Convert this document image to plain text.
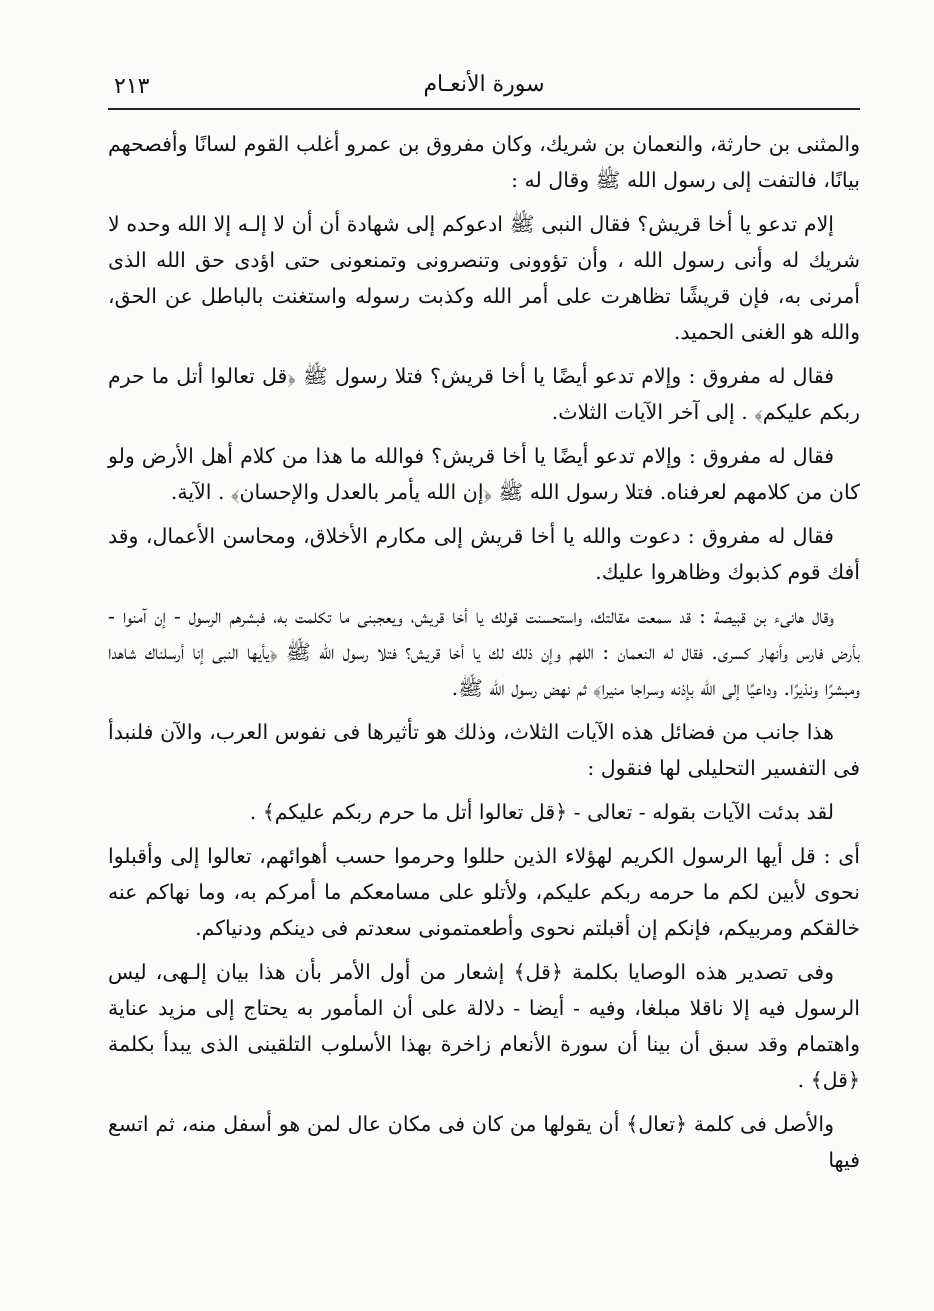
٢١٣	سورة الأنعـام

والمثنى بن حارثة، والنعمان بن شريك، وكان مفروق بن عمرو أغلب القوم لسانًا وأفصحهم بيانًا، فالتفت إلى رسول الله ﷺ وقال له :

إلام تدعو يا أخا قريش؟ فقال النبى ﷺ ادعوكم إلى شهادة أن أن لا إلـه إلا الله وحده لا شريك له وأنى رسول الله ، وأن تؤوونى وتنصرونى وتمنعونى حتى اؤدى حق الله الذى أمرنى به، فإن قريشًا تظاهرت على أمر الله وكذبت رسوله واستغنت بالباطل عن الحق، والله هو الغنى الحميد.

فقال له مفروق : وإلام تدعو أيضًا يا أخا قريش؟ فتلا رسول ﷺ ﴿قل تعالوا أتل ما حرم ربكم عليكم﴾ . إلى آخر الآيات الثلاث.

فقال له مفروق : وإلام تدعو أيضًا يا أخا قريش؟ فوالله ما هذا من كلام أهل الأرض ولو كان من كلامهم لعرفناه. فتلا رسول الله ﷺ ﴿إن الله يأمر بالعدل والإحسان﴾ . الآية.

فقال له مفروق : دعوت والله يا أخا قريش إلى مكارم الأخلاق، ومحاسن الأعمال، وقد أفك قوم كذبوك وظاهروا عليك.

وقال هانىء بن قبيصة : قد سمعت مقالتك، واستحسنت قولك يا أخا قريش، ويعجبنى ما تكلمت به، فبشرهم الرسول - إن آمنوا - بأرض فارس وأنهار كسرى. فقال له النعمان : اللهم وإن ذلك لك يا أخا قريش؟ فتلا رسول الله ﷺ ﴿يأيها النبى إنا أرسلناك شاهدا ومبشرًا ونذيرًا. وداعيًا إلى الله بإذنه وسراجا منيرا﴾ ثم نهض رسول الله ﷺ.

هذا جانب من فضائل هذه الآيات الثلاث، وذلك هو تأثيرها فى نفوس العرب، والآن فلنبدأ فى التفسير التحليلى لها فنقول :

لقد بدئت الآيات بقوله - تعالى - ﴿قل تعالوا أتل ما حرم ربكم عليكم﴾ .

أى : قل أيها الرسول الكريم لهؤلاء الذين حللوا وحرموا حسب أهوائهم، تعالوا إلى وأقبلوا نحوى لأبين لكم ما حرمه ربكم عليكم، ولأتلو على مسامعكم ما أمركم به، وما نهاكم عنه خالقكم ومربيكم، فإنكم إن أقبلتم نحوى وأطعمتمونى سعدتم فى دينكم ودنياكم.

وفى تصدير هذه الوصايا بكلمة ﴿قل﴾ إشعار من أول الأمر بأن هذا بيان إلـهى، ليس الرسول فيه إلا ناقلا مبلغا، وفيه - أيضا - دلالة على أن المأمور به يحتاج إلى مزيد عناية واهتمام وقد سبق أن بينا أن سورة الأنعام زاخرة بهذا الأسلوب التلقينى الذى يبدأ بكلمة ﴿قل﴾ .

والأصل فى كلمة ﴿تعال﴾ أن يقولها من كان فى مكان عال لمن هو أسفل منه، ثم اتسع فيها
